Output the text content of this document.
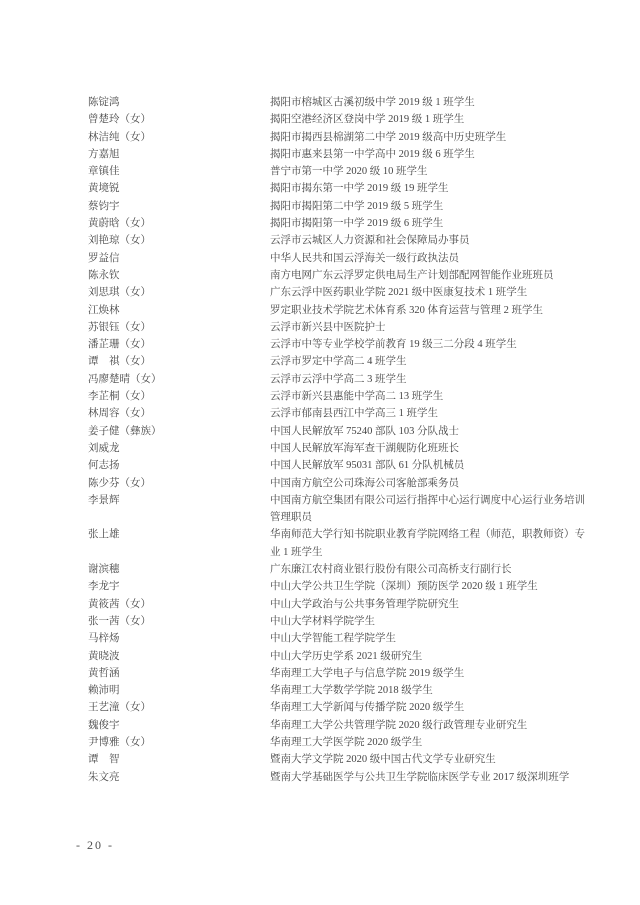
陈锭鸿	揭阳市榕城区古溪初级中学 2019 级 1 班学生
曾楚玲（女）	揭阳空港经济区登岗中学 2019 级 1 班学生
林洁纯（女）	揭阳市揭西县棉湖第二中学 2019 级高中历史班学生
方嘉旭	揭阳市惠来县第一中学高中 2019 级 6 班学生
章镇佳	普宁市第一中学 2020 级 10 班学生
黄境锐	揭阳市揭东第一中学 2019 级 19 班学生
蔡钧宇	揭阳市揭阳第二中学 2019 级 5 班学生
黄蔚晗（女）	揭阳市揭阳第一中学 2019 级 6 班学生
刘艳琼（女）	云浮市云城区人力资源和社会保障局办事员
罗益信	中华人民共和国云浮海关一级行政执法员
陈永钦	南方电网广东云浮罗定供电局生产计划部配网智能作业班班员
刘思琪（女）	广东云浮中医药职业学院 2021 级中医康复技术 1 班学生
江焕林	罗定职业技术学院艺术体育系 320 体育运营与管理 2 班学生
苏银钰（女）	云浮市新兴县中医院护士
潘芷珊（女）	云浮市中等专业学校学前教育 19 级三二分段 4 班学生
谭　祺（女）	云浮市罗定中学高二 4 班学生
冯廖楚晴（女）	云浮市云浮中学高二 3 班学生
李芷桐（女）	云浮市新兴县惠能中学高二 13 班学生
林周容（女）	云浮市郁南县西江中学高三 1 班学生
姜子健（彝族）	中国人民解放军 75240 部队 103 分队战士
刘威龙	中国人民解放军海军查干湖舰防化班班长
何志扬	中国人民解放军 95031 部队 61 分队机械员
陈少芬（女）	中国南方航空公司珠海公司客舱部乘务员
李景辉	中国南方航空集团有限公司运行指挥中心运行调度中心运行业务培训管理职员
张上雄	华南师范大学行知书院职业教育学院网络工程（师范，职教师资）专业 1 班学生
谢滨穗	广东廉江农村商业银行股份有限公司高桥支行副行长
李龙宇	中山大学公共卫生学院（深圳）预防医学 2020 级 1 班学生
黄筱茜（女）	中山大学政治与公共事务管理学院研究生
张一茜（女）	中山大学材料学院学生
马梓炀	中山大学智能工程学院学生
黄晓波	中山大学历史学系 2021 级研究生
黄哲涵	华南理工大学电子与信息学院 2019 级学生
赖沛明	华南理工大学数学学院 2018 级学生
王艺潼（女）	华南理工大学新闻与传播学院 2020 级学生
魏俊宇	华南理工大学公共管理学院 2020 级行政管理专业研究生
尹博雅（女）	华南理工大学医学院 2020 级学生
谭　智	暨南大学文学院 2020 级中国古代文学专业研究生
朱文亮	暨南大学基础医学与公共卫生学院临床医学专业 2017 级深圳班学
- 20 -
